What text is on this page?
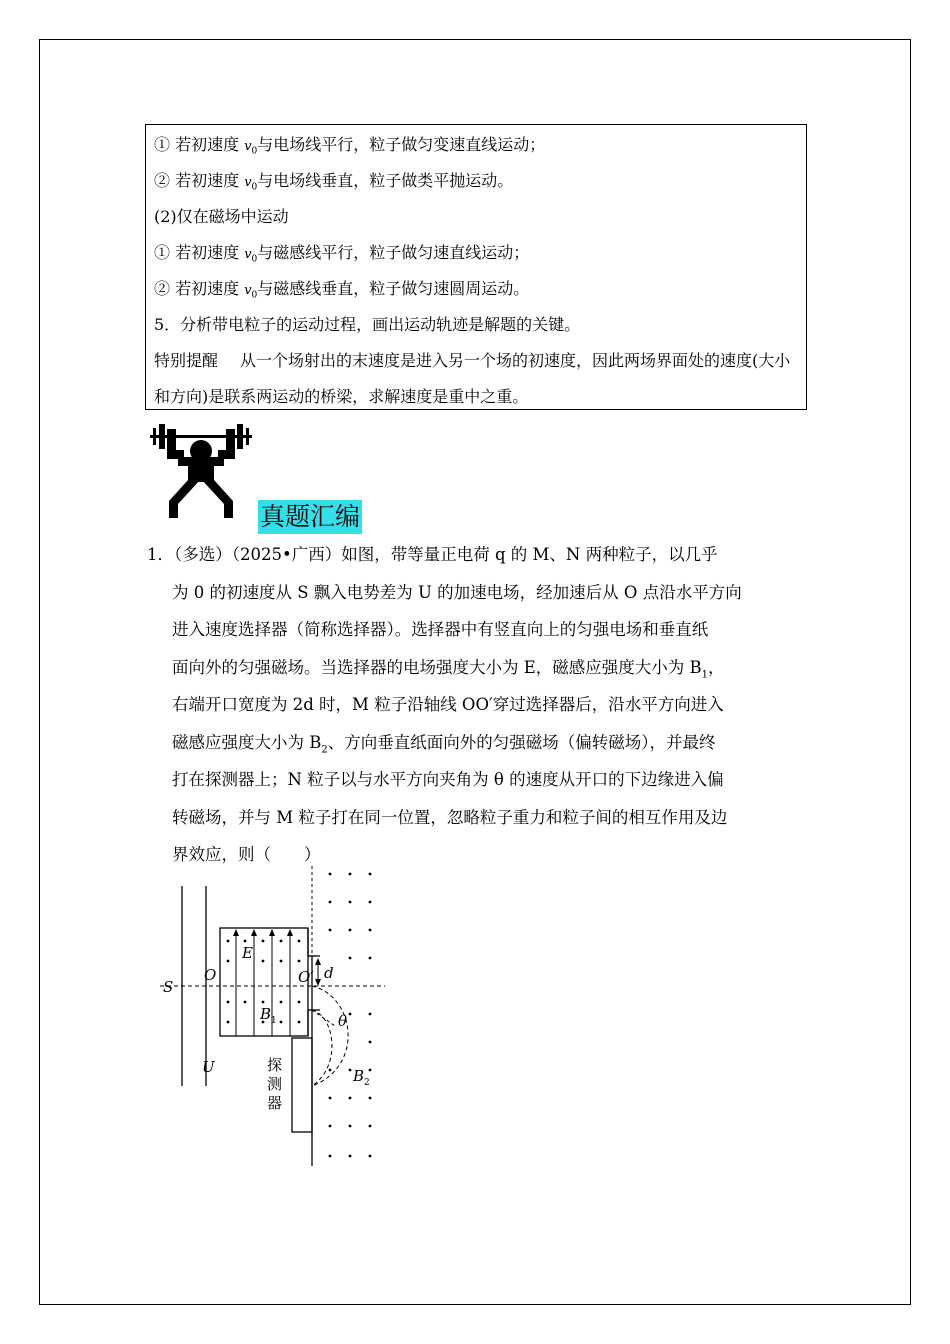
① 若初速度 $v_0$与电场线平行，粒子做匀变速直线运动；
② 若初速度 $v_0$与电场线垂直，粒子做类平抛运动。
(2)仅在磁场中运动
① 若初速度 $v_0$与磁感线平行，粒子做匀速直线运动；
② 若初速度 $v_0$与磁感线垂直，粒子做匀速圆周运动。
5．分析带电粒子的运动过程，画出运动轨迹是解题的关键。
特别提醒 从一个场射出的末速度是进入另一个场的初速度，因此两场界面处的速度(大小和方向)是联系两运动的桥梁，求解速度是重中之重。
真题汇编
1．（多选）（2025•广西）如图，带等量正电荷 q 的 M、N 两种粒子，以几乎
为 0 的初速度从 S 飘入电势差为 U 的加速电场，经加速后从 O 点沿水平方向
进入速度选择器（简称选择器）。选择器中有竖直向上的匀强电场和垂直纸
面向外的匀强磁场。当选择器的电场强度大小为 E，磁感应强度大小为 $B_1$，
右端开口宽度为 2d 时，M 粒子沿轴线 OO′穿过选择器后，沿水平方向进入
磁感应强度大小为 $B_2$、方向垂直纸面向外的匀强磁场（偏转磁场），并最终
打在探测器上；N 粒子以与水平方向夹角为 θ 的速度从开口的下边缘进入偏
转磁场，并与 M 粒子打在同一位置，忽略粒子重力和粒子间的相互作用及边
界效应，则（　　）
S
O	O′
E
d
θ
U
$B_1$
$B_2$
探
测
器
